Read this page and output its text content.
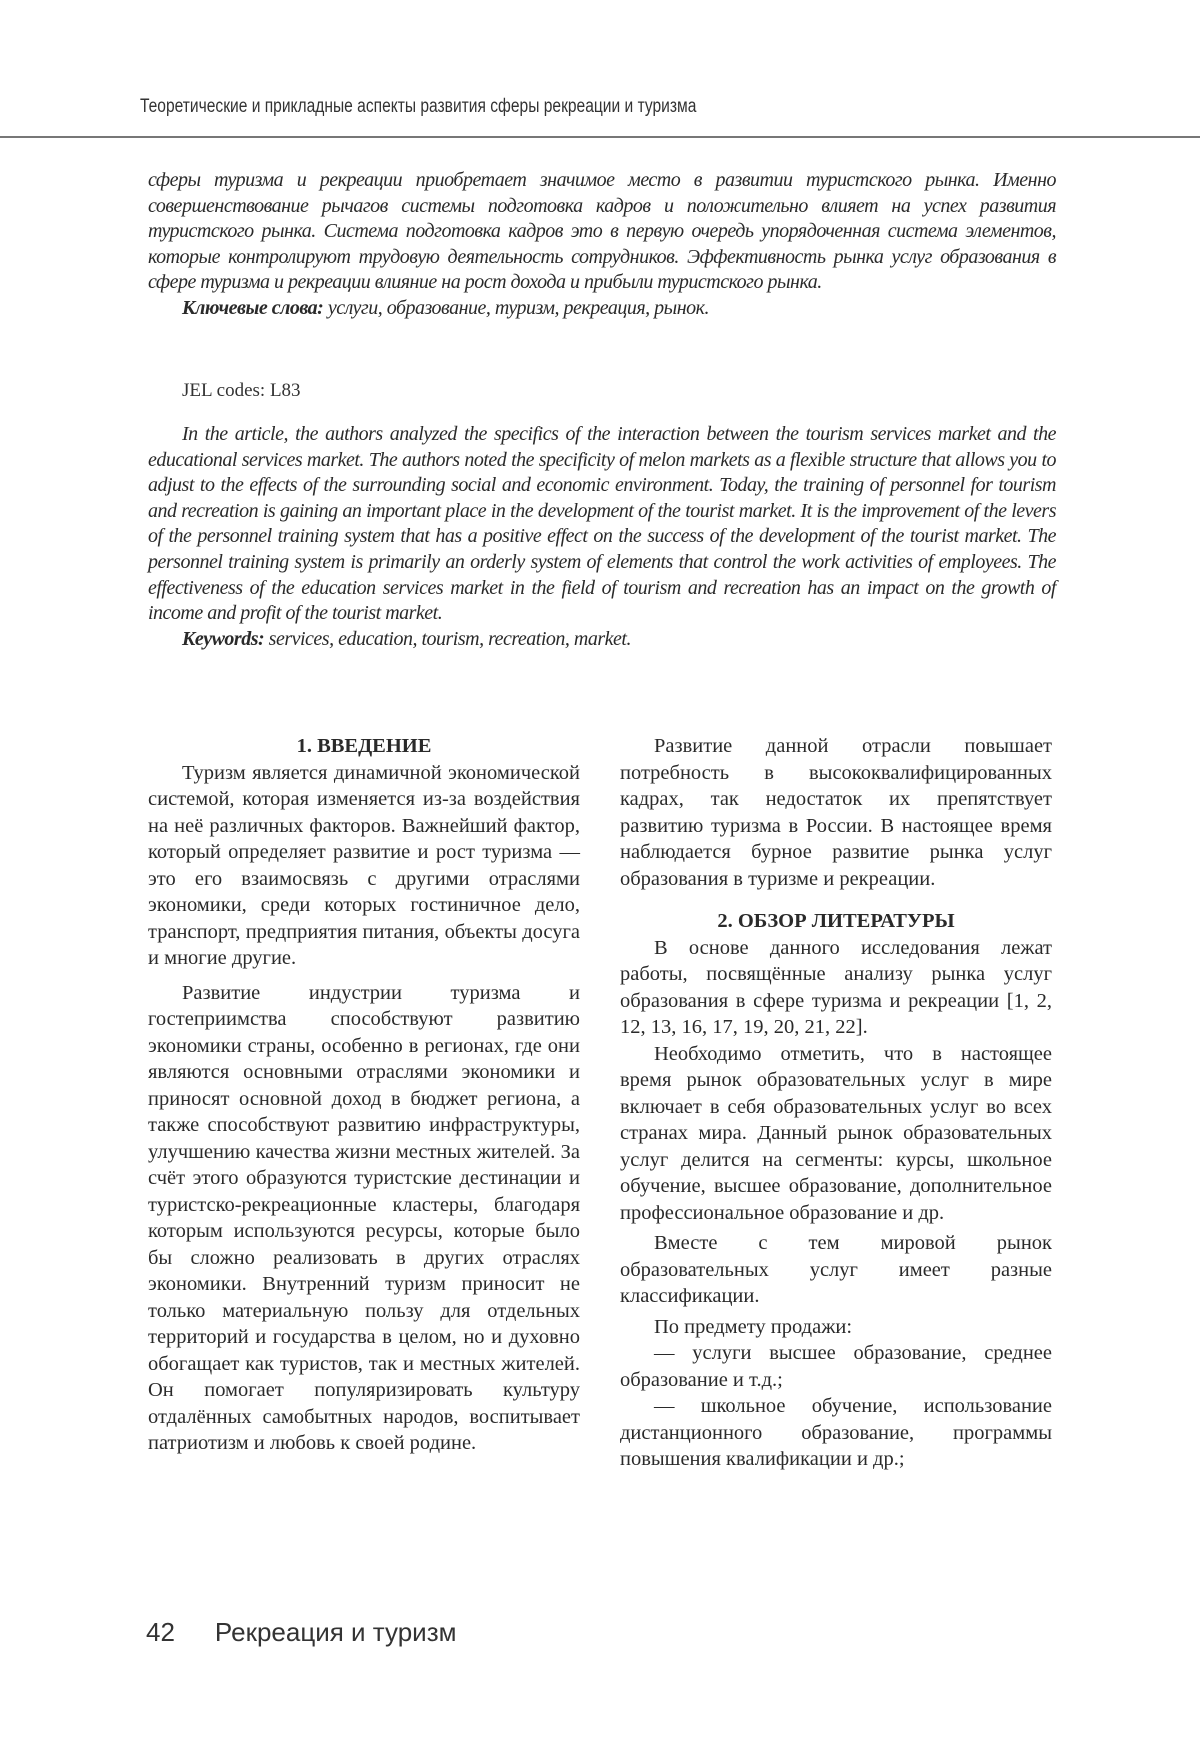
Теоретические и прикладные аспекты развития сферы рекреации и туризма

сферы туризма и рекреации приобретает значимое место в развитии туристского рынка. Именно совершенствование рычагов системы подготовка кадров и положительно влияет на успех развития туристского рынка. Система подготовка кадров это в первую очередь упорядоченная система элементов, которые контролируют трудовую деятельность сотрудников. Эффективность рынка услуг образования в сфере туризма и рекреации влияние на рост дохода и прибыли туристского рынка.

Ключевые слова: услуги, образование, туризм, рекреация, рынок.

JEL codes: L83

In the article, the authors analyzed the specifics of the interaction between the tourism services market and the educational services market. The authors noted the specificity of melon markets as a flexible structure that allows you to adjust to the effects of the surrounding social and economic environment. Today, the training of personnel for tourism and recreation is gaining an important place in the development of the tourist market. It is the improvement of the levers of the personnel training system that has a positive effect on the success of the development of the tourist market. The personnel training system is primarily an orderly system of elements that control the work activities of employees. The effectiveness of the education services market in the field of tourism and recreation has an impact on the growth of income and profit of the tourist market.

Keywords: services, education, tourism, recreation, market.

1. ВВЕДЕНИЕ

Туризм является динамичной экономической системой, которая изменяется из-за воздействия на неё различных факторов. Важнейший фактор, который определяет развитие и рост туризма — это его взаимосвязь с другими отраслями экономики, среди которых гостиничное дело, транспорт, предприятия питания, объекты досуга и многие другие.

Развитие индустрии туризма и гостеприимства способствуют развитию экономики страны, особенно в регионах, где они являются основными отраслями экономики и приносят основной доход в бюджет региона, а также способствуют развитию инфраструктуры, улучшению качества жизни местных жителей. За счёт этого образуются туристские дестинации и туристско-рекреационные кластеры, благодаря которым используются ресурсы, которые было бы сложно реализовать в других отраслях экономики. Внутренний туризм приносит не только материальную пользу для отдельных территорий и государства в целом, но и духовно обогащает как туристов, так и местных жителей. Он помогает популяризировать культуру отдалённых самобытных народов, воспитывает патриотизм и любовь к своей родине.

Развитие данной отрасли повышает потребность в высококвалифицированных кадрах, так недостаток их препятствует развитию туризма в России. В настоящее время наблюдается бурное развитие рынка услуг образования в туризме и рекреации.

2. ОБЗОР ЛИТЕРАТУРЫ

В основе данного исследования лежат работы, посвящённые анализу рынка услуг образования в сфере туризма и рекреации [1, 2, 12, 13, 16, 17, 19, 20, 21, 22].

Необходимо отметить, что в настоящее время рынок образовательных услуг в мире включает в себя образовательных услуг во всех странах мира. Данный рынок образовательных услуг делится на сегменты: курсы, школьное обучение, высшее образование, дополнительное профессиональное образование и др.

Вместе с тем мировой рынок образовательных услуг имеет разные классификации.

По предмету продажи:

— услуги высшее образование, среднее образование и т.д.;

— школьное обучение, использование дистанционного образование, программы повышения квалификации и др.;

42 Рекреация и туризм
